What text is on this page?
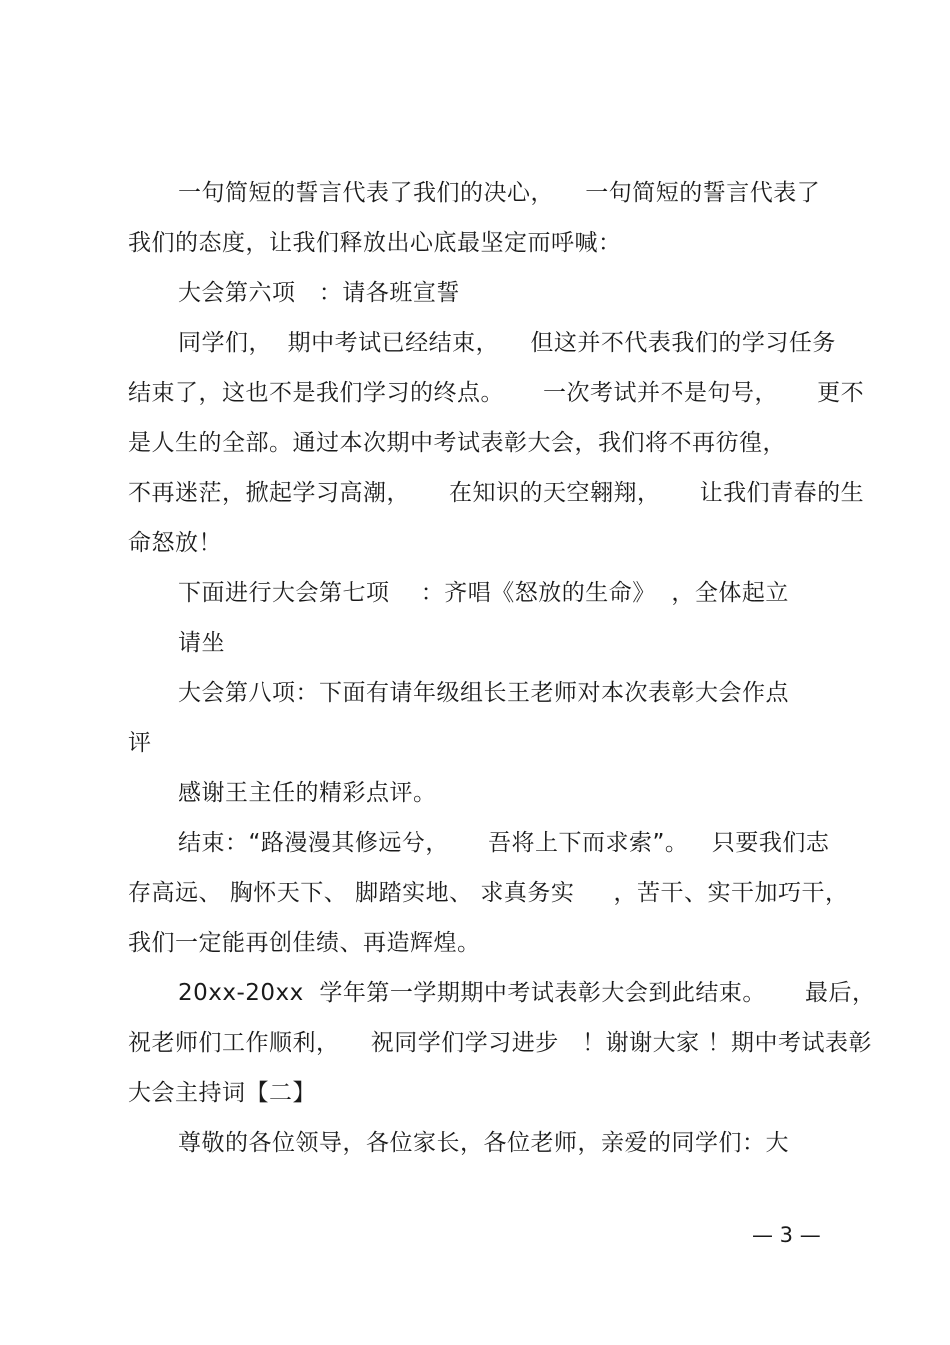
一句简短的誓言代表了我们的决心，    一句简短的誓言代表了
我们的态度，让我们释放出心底最坚定而呼喊：
大会第六项   ：请各班宣誓
同学们，  期中考试已经结束，    但这并不代表我们的学习任务
结束了，这也不是我们学习的终点。     一次考试并不是句号，     更不
是人生的全部。通过本次期中考试表彰大会，我们将不再彷徨，
不再迷茫，掀起学习高潮，     在知识的天空翱翔，     让我们青春的生
命怒放！
下面进行大会第七项    ：齐唱《怒放的生命》  ，全体起立
请坐
大会第八项：下面有请年级组长王老师对本次表彰大会作点
评
感谢王主任的精彩点评。
结束：“路漫漫其修远兮，     吾将上下而求索”。   只要我们志
存高远、 胸怀天下、 脚踏实地、 求真务实     ，苦干、实干加巧干，
我们一定能再创佳绩、再造辉煌。
20xx-20xx  学年第一学期期中考试表彰大会到此结束。     最后，
祝老师们工作顺利，    祝同学们学习进步   ！谢谢大家 ！期中考试表彰
大会主持词【二】
尊敬的各位领导，各位家长，各位老师，亲爱的同学们：大
— 3 —
